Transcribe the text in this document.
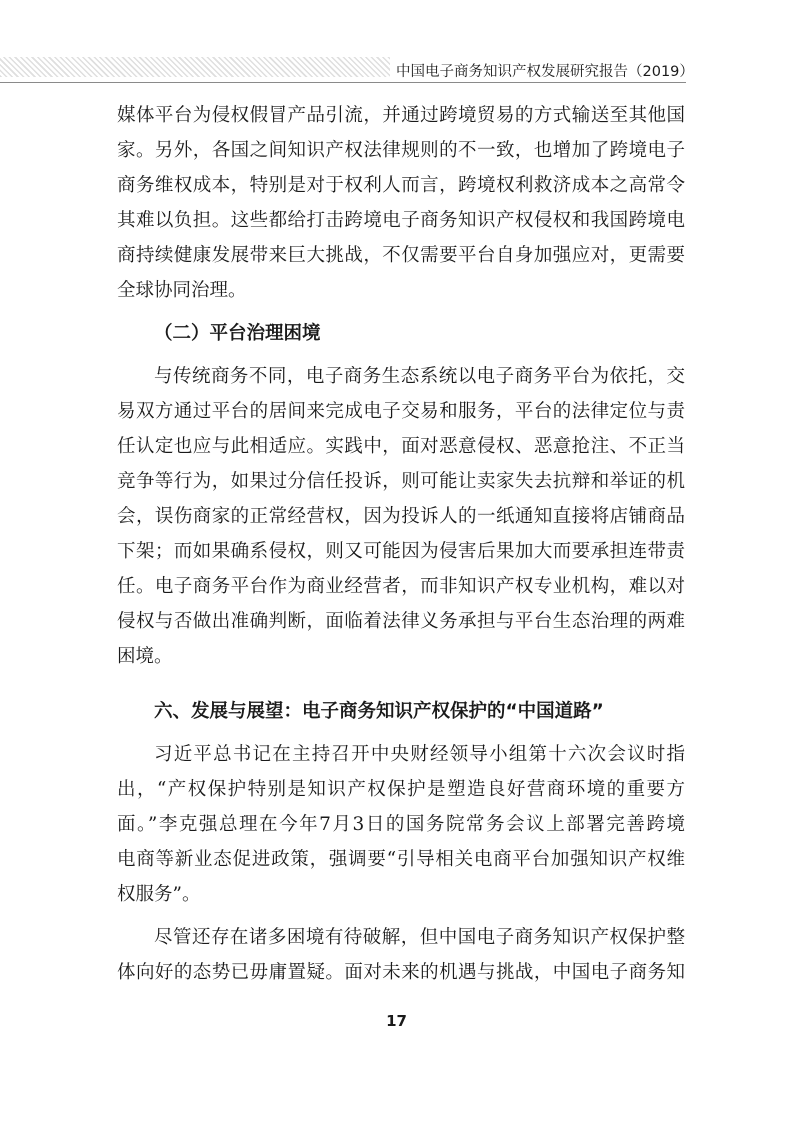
中国电子商务知识产权发展研究报告（2019）

媒体平台为侵权假冒产品引流，并通过跨境贸易的方式输送至其他国

家。另外，各国之间知识产权法律规则的不一致，也增加了跨境电子

商务维权成本，特别是对于权利人而言，跨境权利救济成本之高常令

其难以负担。这些都给打击跨境电子商务知识产权侵权和我国跨境电

商持续健康发展带来巨大挑战，不仅需要平台自身加强应对，更需要

全球协同治理。

（二）平台治理困境

与传统商务不同，电子商务生态系统以电子商务平台为依托，交

易双方通过平台的居间来完成电子交易和服务，平台的法律定位与责

任认定也应与此相适应。实践中，面对恶意侵权、恶意抢注、不正当

竞争等行为，如果过分信任投诉，则可能让卖家失去抗辩和举证的机

会，误伤商家的正常经营权，因为投诉人的一纸通知直接将店铺商品

下架；而如果确系侵权，则又可能因为侵害后果加大而要承担连带责

任。电子商务平台作为商业经营者，而非知识产权专业机构，难以对

侵权与否做出准确判断，面临着法律义务承担与平台生态治理的两难

困境。

六、发展与展望：电子商务知识产权保护的“中国道路”

习近平总书记在主持召开中央财经领导小组第十六次会议时指

出，“产权保护特别是知识产权保护是塑造良好营商环境的重要方

面。”李克强总理在今年7月3日的国务院常务会议上部署完善跨境

电商等新业态促进政策，强调要“引导相关电商平台加强知识产权维

权服务”。

尽管还存在诸多困境有待破解，但中国电子商务知识产权保护整

体向好的态势已毋庸置疑。面对未来的机遇与挑战，中国电子商务知

17
